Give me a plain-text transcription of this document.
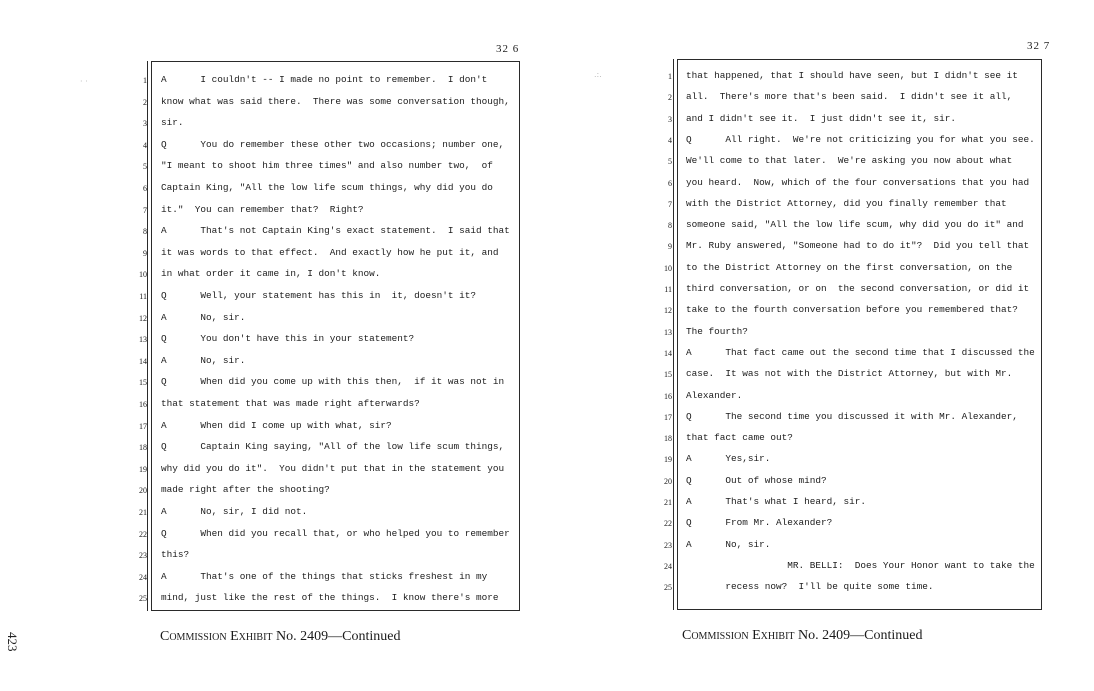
· ·
.:.
32 6
1
2
3
4
5
6
7
8
9
10
11
12
13
14
15
16
17
18
19
20
21
22
23
24
25
A      I couldn't -- I made no point to remember.  I don't
know what was said there.  There was some conversation though,
sir.
Q      You do remember these other two occasions; number one,
"I meant to shoot him three times" and also number two,  of
Captain King, "All the low life scum things, why did you do
it."  You can remember that?  Right?
A      That's not Captain King's exact statement.  I said that
it was words to that effect.  And exactly how he put it, and
in what order it came in, I don't know.
Q      Well, your statement has this in  it, doesn't it?
A      No, sir.
Q      You don't have this in your statement?
A      No, sir.
Q      When did you come up with this then,  if it was not in
that statement that was made right afterwards?
A      When did I come up with what, sir?
Q      Captain King saying, "All of the low life scum things,
why did you do it".  You didn't put that in the statement you
made right after the shooting?
A      No, sir, I did not.
Q      When did you recall that, or who helped you to remember
this?
A      That's one of the things that sticks freshest in my
mind, just like the rest of the things.  I know there's more
Commission Exhibit No. 2409—Continued
32 7
1
2
3
4
5
6
7
8
9
10
11
12
13
14
15
16
17
18
19
20
21
22
23
24
25
that happened, that I should have seen, but I didn't see it
all.  There's more that's been said.  I didn't see it all,
and I didn't see it.  I just didn't see it, sir.
Q      All right.  We're not criticizing you for what you see.
We'll come to that later.  We're asking you now about what
you heard.  Now, which of the four conversations that you had
with the District Attorney, did you finally remember that
someone said, "All the low life scum, why did you do it" and
Mr. Ruby answered, "Someone had to do it"?  Did you tell that
to the District Attorney on the first conversation, on the
third conversation, or on  the second conversation, or did it
take to the fourth conversation before you remembered that?
The fourth?
A      That fact came out the second time that I discussed the
case.  It was not with the District Attorney, but with Mr.
Alexander.
Q      The second time you discussed it with Mr. Alexander,
that fact came out?
A      Yes,sir.
Q      Out of whose mind?
A      That's what I heard, sir.
Q      From Mr. Alexander?
A      No, sir.
MR. BELLI:  Does Your Honor want to take the
recess now?  I'll be quite some time.
Commission Exhibit No. 2409—Continued
423
